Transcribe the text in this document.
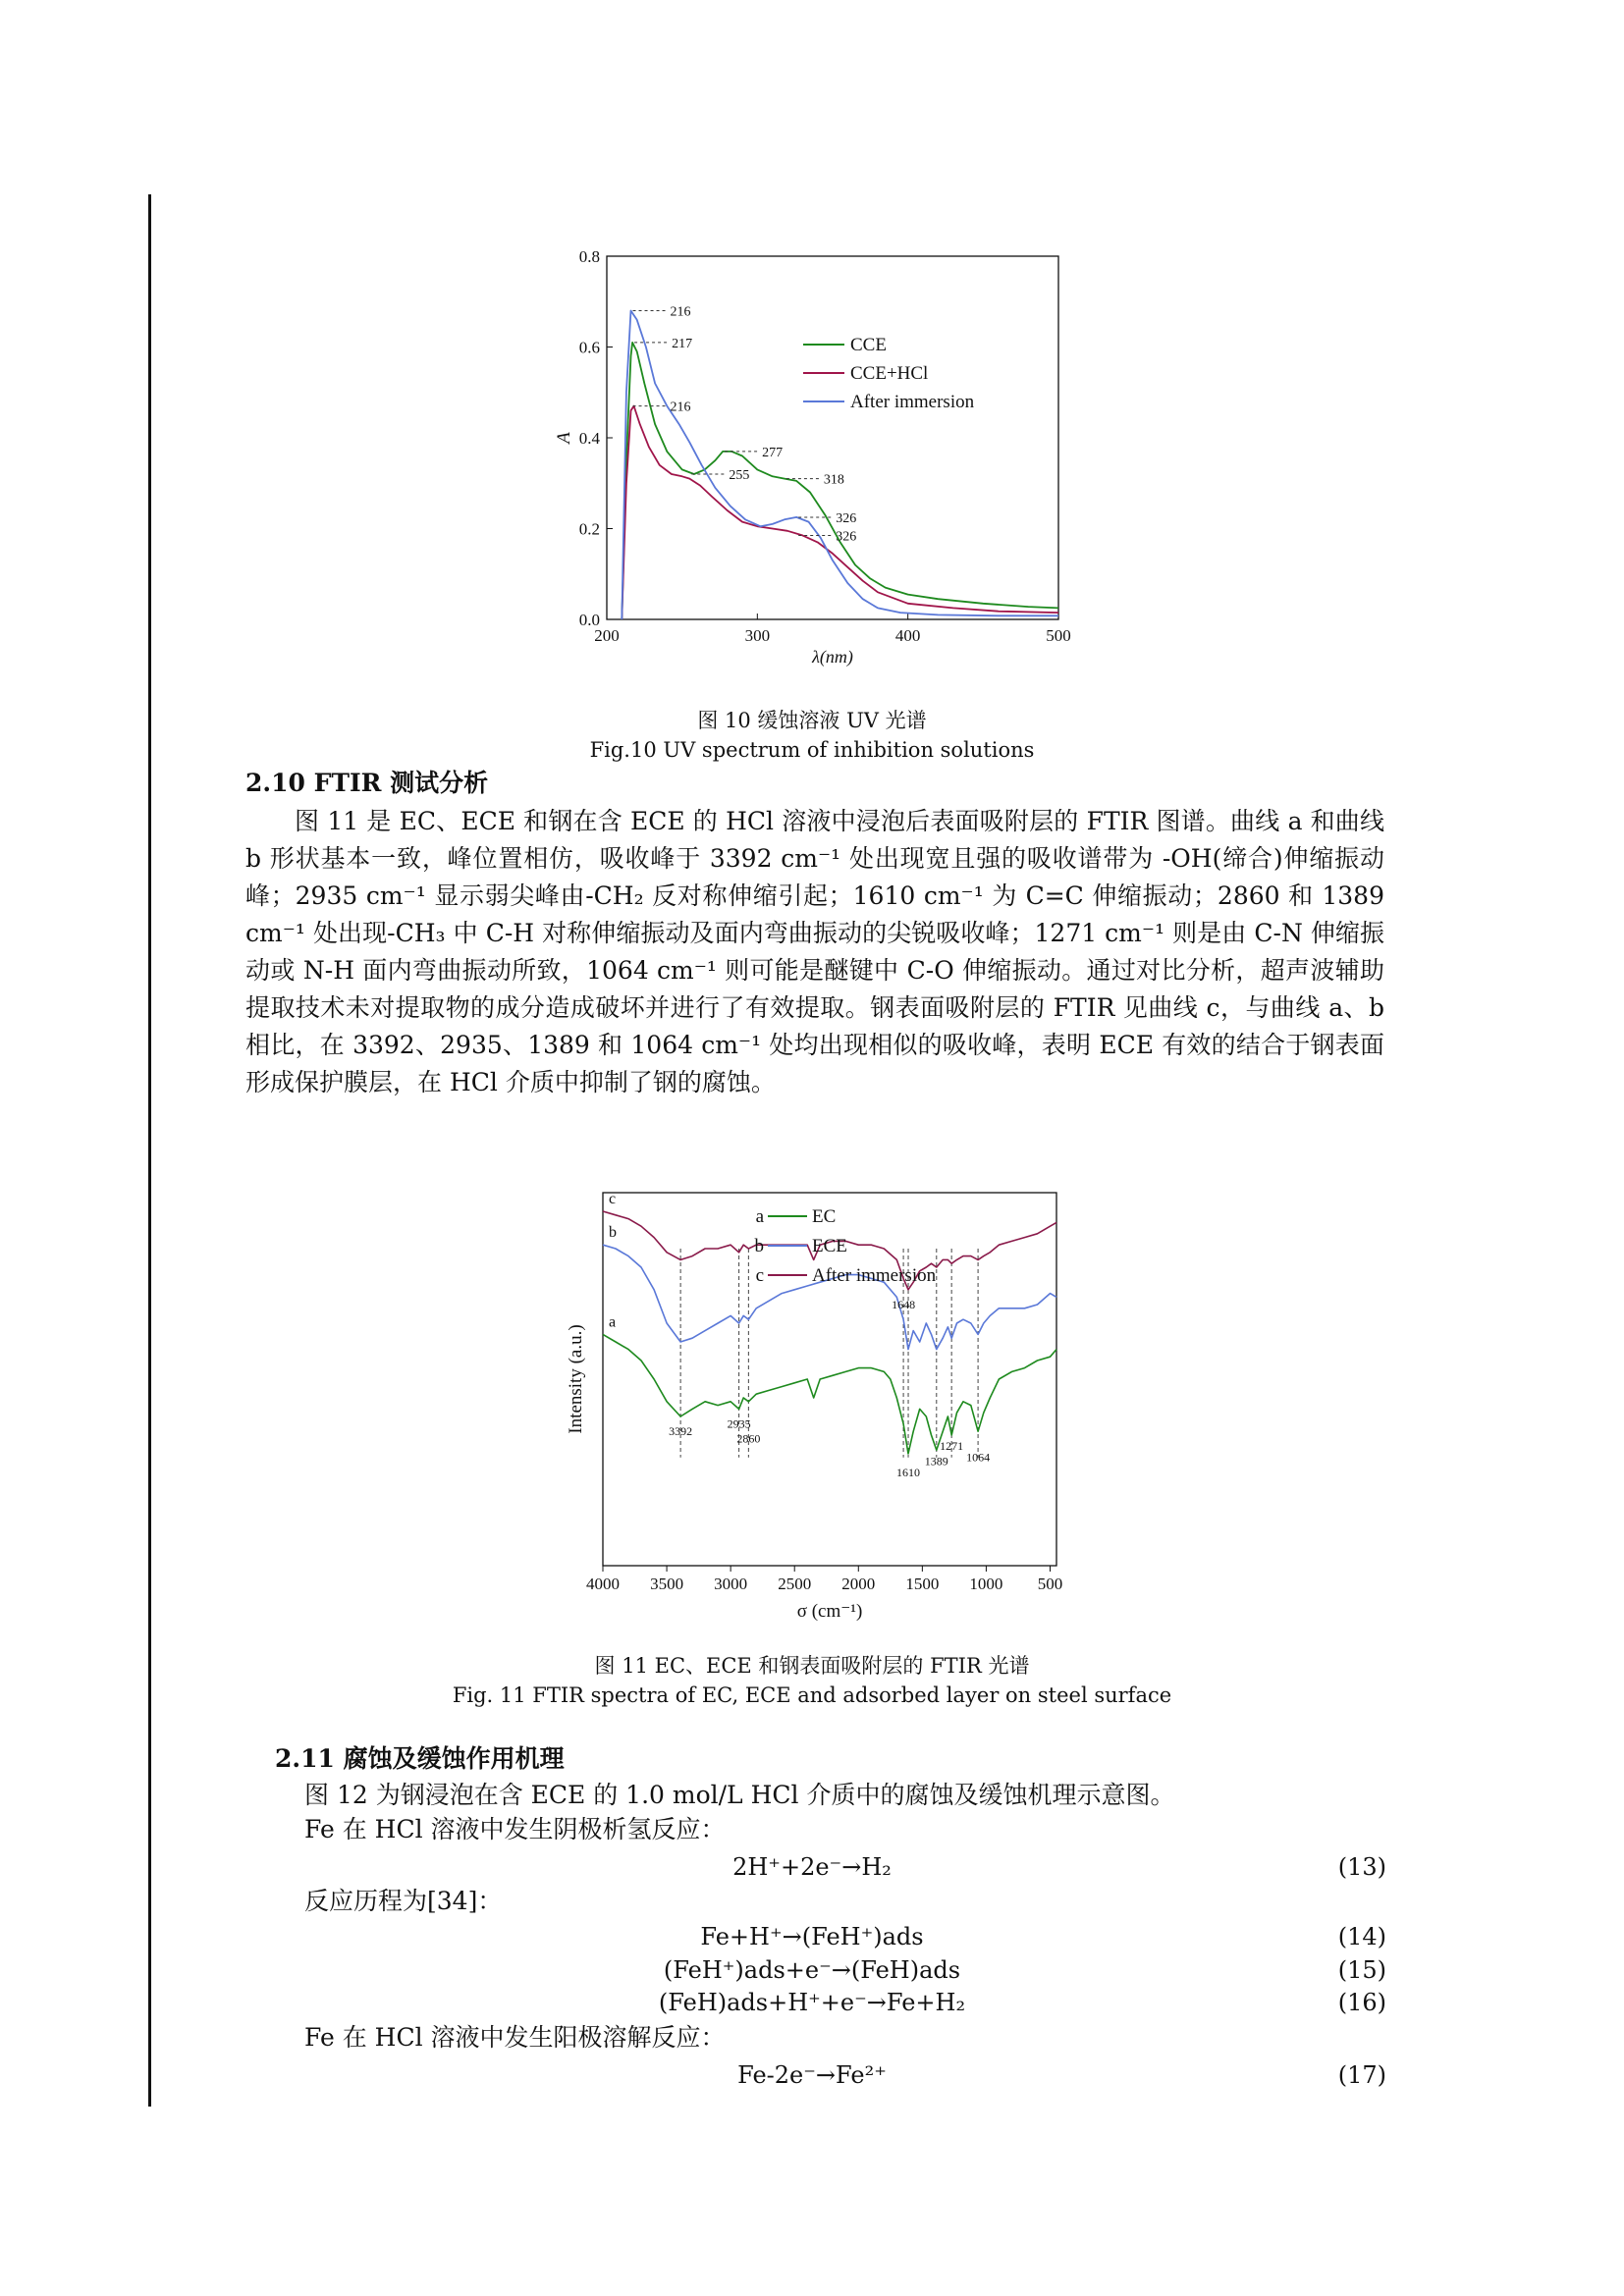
200	300	400	500
0.0
0.2
0.4
0.6
0.8
λ(nm)
A
216
217
216
277
255	318
326
326
CCE
CCE+HCl
After immersion
图 10 缓蚀溶液 UV 光谱
Fig.10 UV spectrum of inhibition solutions
2.10 FTIR 测试分析

图 11 是 EC、ECE 和钢在含 ECE 的 HCl 溶液中浸泡后表面吸附层的 FTIR 图谱。曲线 a 和曲线 b 形状基本一致，峰位置相仿，吸收峰于 3392 cm⁻¹ 处出现宽且强的吸收谱带为 -OH(缔合)伸缩振动峰；2935 cm⁻¹ 显示弱尖峰由-CH₂ 反对称伸缩引起；1610 cm⁻¹ 为 C=C 伸缩振动；2860 和 1389 cm⁻¹ 处出现-CH₃ 中 C-H 对称伸缩振动及面内弯曲振动的尖锐吸收峰；1271 cm⁻¹ 则是由 C-N 伸缩振动或 N-H 面内弯曲振动所致，1064 cm⁻¹ 则可能是醚键中 C-O 伸缩振动。通过对比分析，超声波辅助提取技术未对提取物的成分造成破坏并进行了有效提取。钢表面吸附层的 FTIR 见曲线 c，与曲线 a、b 相比，在 3392、2935、1389 和 1064 cm⁻¹ 处均出现相似的吸收峰，表明 ECE 有效的结合于钢表面形成保护膜层，在 HCl 介质中抑制了钢的腐蚀。

4000 3500 3000 2500 2000 1500 1000 500
σ (cm⁻¹)
Intensity (a.u.)
a
b
c
3392
2935
2860
1648
1610
1389
1271
1064
a	EC
b	ECE
c	After immersion
图 11 EC、ECE 和钢表面吸附层的 FTIR 光谱
Fig. 11 FTIR spectra of EC, ECE and adsorbed layer on steel surface
2.11 腐蚀及缓蚀作用机理
图 12 为钢浸泡在含 ECE 的 1.0 mol/L HCl 介质中的腐蚀及缓蚀机理示意图。
Fe 在 HCl 溶液中发生阴极析氢反应：
2H⁺+2e⁻→H₂	(13)
反应历程为[34]：
Fe+H⁺→(FeH⁺)ads	(14)
(FeH⁺)ads+e⁻→(FeH)ads	(15)
(FeH)ads+H⁺+e⁻→Fe+H₂	(16)
Fe 在 HCl 溶液中发生阳极溶解反应：
Fe-2e⁻→Fe²⁺	(17)
